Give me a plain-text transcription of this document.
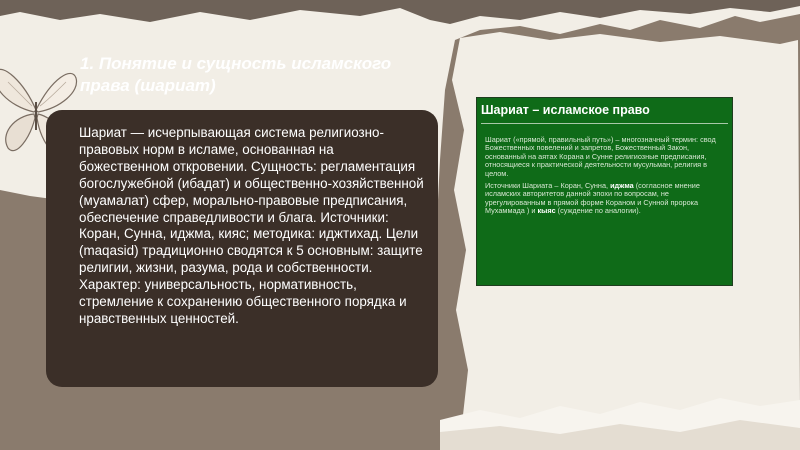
1. Понятие и сущность исламского права (шариат)

Шариат — исчерпывающая система религиозно-правовых норм в исламе, основанная на божественном откровении. Сущность: регламентация богослужебной (ибадат) и общественно-хозяйственной (муамалат) сфер, морально-правовые предписания, обеспечение справедливости и блага. Источники: Коран, Сунна, иджма, кияс; методика: иджтихад. Цели (maqasid) традиционно сводятся к 5 основным: защите религии, жизни, разума, рода и собственности. Характер: универсальность, нормативность, стремление к сохранению общественного порядка и нравственных ценностей.

Шариат – исламское право

Шариат («прямой, правильный путь») – многозначный термин: свод Божественных повелений и запретов, Божественный Закон, основанный на аятах Корана и Сунне религиозные предписания, относящиеся к практической деятельности мусульман, религия в целом.

Источники Шариата – Коран, Сунна, иджма (согласное мнение исламских авторитетов данной эпохи по вопросам, не урегулированным в прямой форме Кораном и Сунной пророка Мухаммада ) и кыяс (суждение по аналогии).
